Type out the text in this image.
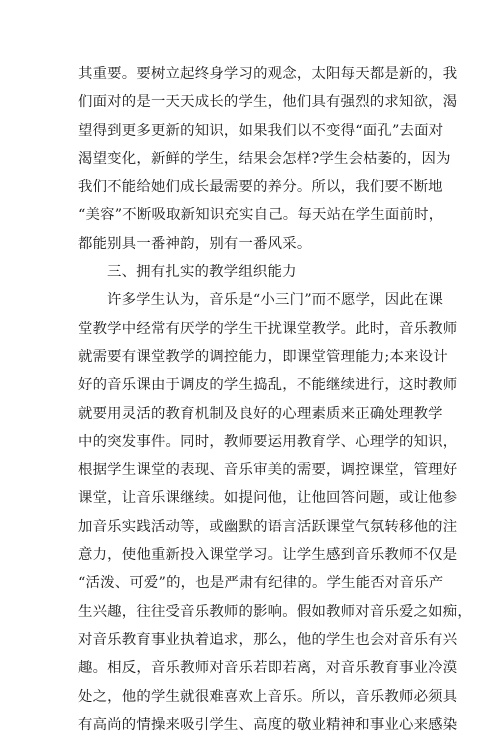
其重要。要树立起终身学习的观念，太阳每天都是新的，我
们面对的是一天天成长的学生，他们具有强烈的求知欲，渴
望得到更多更新的知识，如果我们以不变得“面孔”去面对
渴望变化，新鲜的学生，结果会怎样?学生会枯萎的，因为
我们不能给她们成长最需要的养分。所以，我们要不断地
“美容”不断吸取新知识充实自己。每天站在学生面前时，
都能别具一番神韵，别有一番风采。
三、拥有扎实的教学组织能力
许多学生认为，音乐是“小三门”而不愿学，因此在课
堂教学中经常有厌学的学生干扰课堂教学。此时，音乐教师
就需要有课堂教学的调控能力，即课堂管理能力;本来设计
好的音乐课由于调皮的学生捣乱，不能继续进行，这时教师
就要用灵活的教育机制及良好的心理素质来正确处理教学
中的突发事件。同时，教师要运用教育学、心理学的知识，
根据学生课堂的表现、音乐审美的需要，调控课堂，管理好
课堂，让音乐课继续。如提问他，让他回答问题，或让他参
加音乐实践活动等，或幽默的语言活跃课堂气氛转移他的注
意力，使他重新投入课堂学习。让学生感到音乐教师不仅是
“活泼、可爱”的，也是严肃有纪律的。学生能否对音乐产
生兴趣，往往受音乐教师的影响。假如教师对音乐爱之如痴，
对音乐教育事业执着追求，那么，他的学生也会对音乐有兴
趣。相反，音乐教师对音乐若即若离，对音乐教育事业冷漠
处之，他的学生就很难喜欢上音乐。所以，音乐教师必须具
有高尚的情操来吸引学生、高度的敬业精神和事业心来感染
